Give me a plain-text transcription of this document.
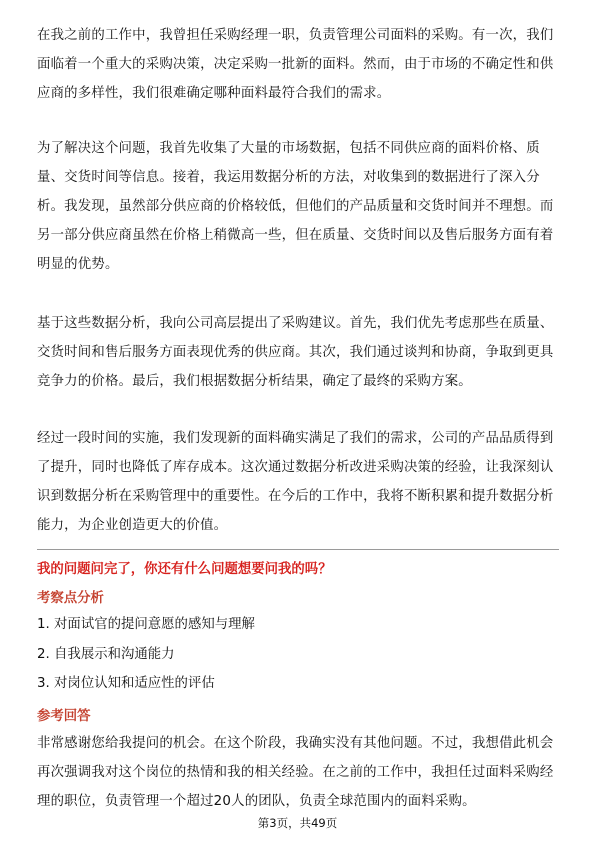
在我之前的工作中，我曾担任采购经理一职，负责管理公司面料的采购。有一次，我们面临着一个重大的采购决策，决定采购一批新的面料。然而，由于市场的不确定性和供应商的多样性，我们很难确定哪种面料最符合我们的需求。

为了解决这个问题，我首先收集了大量的市场数据，包括不同供应商的面料价格、质量、交货时间等信息。接着，我运用数据分析的方法，对收集到的数据进行了深入分析。我发现，虽然部分供应商的价格较低，但他们的产品质量和交货时间并不理想。而另一部分供应商虽然在价格上稍微高一些，但在质量、交货时间以及售后服务方面有着明显的优势。

基于这些数据分析，我向公司高层提出了采购建议。首先，我们优先考虑那些在质量、交货时间和售后服务方面表现优秀的供应商。其次，我们通过谈判和协商，争取到更具竞争力的价格。最后，我们根据数据分析结果，确定了最终的采购方案。

经过一段时间的实施，我们发现新的面料确实满足了我们的需求，公司的产品品质得到了提升，同时也降低了库存成本。这次通过数据分析改进采购决策的经验，让我深刻认识到数据分析在采购管理中的重要性。在今后的工作中，我将不断积累和提升数据分析能力，为企业创造更大的价值。

我的问题问完了，你还有什么问题想要问我的吗？

考察点分析

1. 对面试官的提问意愿的感知与理解
2. 自我展示和沟通能力
3. 对岗位认知和适应性的评估

参考回答

非常感谢您给我提问的机会。在这个阶段，我确实没有其他问题。不过，我想借此机会再次强调我对这个岗位的热情和我的相关经验。在之前的工作中，我担任过面料采购经理的职位，负责管理一个超过20人的团队，负责全球范围内的面料采购。

第3页，共49页
